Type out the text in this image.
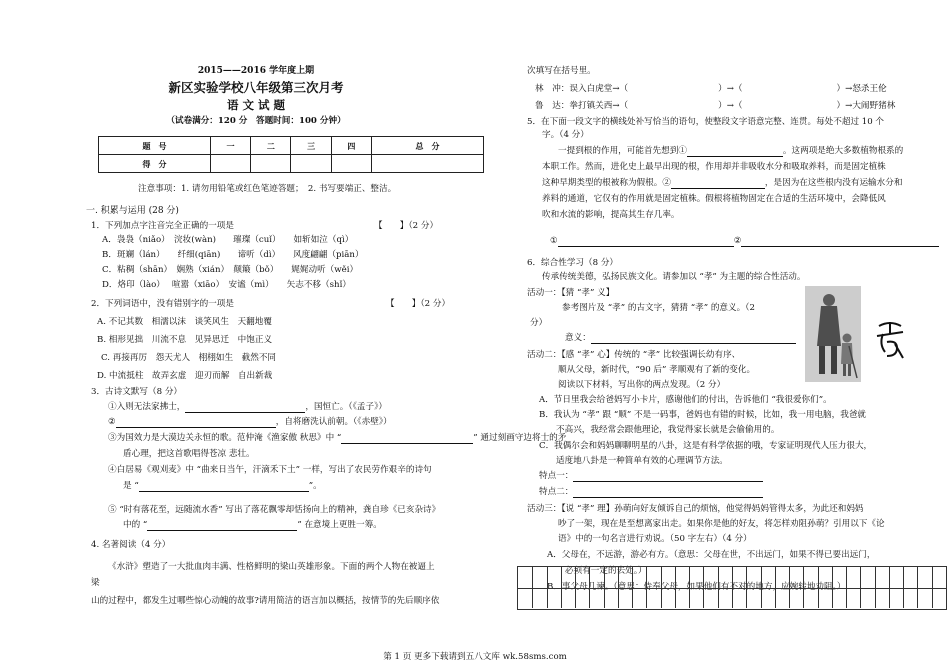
2015——2016 学年度上期
新区实验学校八年级第三次月考
语 文 试 题
（试卷满分：120 分　答题时间：100 分钟）
题　号	一	二	三	四	总　分
得　分					
注意事项：1. 请勿用铅笔或红色笔迹答题；　2. 书写要端正、整洁。
一. 积累与运用 (28 分)
1．下列加点字注音完全正确的一项是	【　　】（2 分）
A．袅袅（niǎo）　浣妆(wàn)　　璀璨（cuǐ）　　如斩如泣（qì）
B．斑斓（lán）　　纤细(qiān)　　谛听（dì）　　风度翩翩（piān）
C．粘稠（shān）　娴熟（xián）　颠簸（bǒ）　　娓娓动听（wěi）
D．烙印（lào）　 喧嚣（xiāo）　安谧（mì）　　矢志不移（shǐ）
2．下列词语中，没有错别字的一项是	【　　】（2 分）
A. 不记其数　相濡以沫　谈笑风生　天翻地覆
B. 相形见拙　川流不息　见异思迁　中饱正义
C. 再接再厉　怨天尤人　栩栩如生　截然不同
D. 中流抵柱　故弄玄虚　迎刃而解　自出新裁
3．古诗文默写（8 分）
①入则无法家拂士，	，国恒亡。（《孟子》）
②	，自将磨洗认前朝。（《赤壁》）
③为国效力是大漠边关永恒的歌。范仲淹《渔家傲 秋思》中 “	” 通过刻画守边将士的矛
盾心理，把这首歌唱得苍凉 悲壮。
④白居易《观刈麦》中 “曲来日当午，汗滴禾下土” 一样，写出了农民劳作艰辛的诗句
是 “	”。
⑤ “时有落花至，远随流水香” 写出了落花飘零却恬扬向上的精神，龚自珍《已亥杂诗》
中的 “	” 在意境上更胜一筹。
4. 名著阅读（4 分）
《水浒》塑造了一大批血肉丰满、性格鲜明的梁山英雄形象。下面的两个人物在被逼上
梁
山的过程中，都发生过哪些惊心动魄的故事?请用简洁的语言加以概括，按情节的先后顺序依
次填写在括号里。
林　冲：误入白虎堂→（	）→（	）→怒杀王伦
鲁　达：拳打镇关西→（	）→（	）→大闹野猪林
5．在下面一段文字的横线处补写恰当的语句，使整段文字语意完整、连贯。每处不超过 10 个
字。（4 分）
一提到根的作用，可能首先想到①	。这两项是绝大多数植物根系的
本职工作。然而，进化史上最早出现的根，作用却并非吸收水分和吸取养料，而是固定植株
这种早期类型的根被称为假根。②	，是因为在这些根内没有运输水分和
养料的通道，它仅有的作用就是固定植株。假根将植物固定在合适的生活环境中，会降低风
吹和水流的影响，提高其生存几率。
①	②
6．综合性学习（8 分）
传承传统美德，弘扬民族文化。请参加以 “孝” 为主题的综合性活动。
活动一：【猜 “孝” 义】
参考图片及 “孝” 的古文字，猜猜 “孝” 的意义。（2
分）
意义：
活动二：【感 “孝” 心】传统的 “孝” 比较强调长幼有序、
顺从父母，新时代，“90 后” 孝顺观有了新的变化。
阅读以下材料，写出你的两点发现。（2 分）
A．节日里我会给爸妈写小卡片，感谢他们的付出，告诉他们 “我很爱你们”。
B．我认为 “孝” 跟 “顺” 不是一码事，爸妈也有错的时候，比如，我一用电脑，我爸就
不高兴，我经常会跟他理论，我觉得家长就是会偷偷用的。
C．我偶尔会和妈妈聊聊明星的八卦，这是有科学依据的哦，专家证明现代人压力很大，
适度地八卦是一种简单有效的心理调节方法。
特点一：
特点二：
活动三：【说 “孝” 理】孙萌向好友倾诉自己的烦恼，他觉得妈妈管得太多，为此还和妈妈
吵了一架，现在是至想离家出走。如果你是他的好友，将怎样劝阻孙萌？引用以下《论
语》中的一句名言进行劝说。（50 字左右）（4 分）
A．父母在，不远游，游必有方。（意思：父母在世，不出远门，如果不得已要出远门，
必须有一定的去处。）
B．事父母几谏。（意思：侍奉父母，如果他们有不对的地方，应婉转地劝阻。）
第 1 页 更多下载请到五八文库 wk.58sms.com
